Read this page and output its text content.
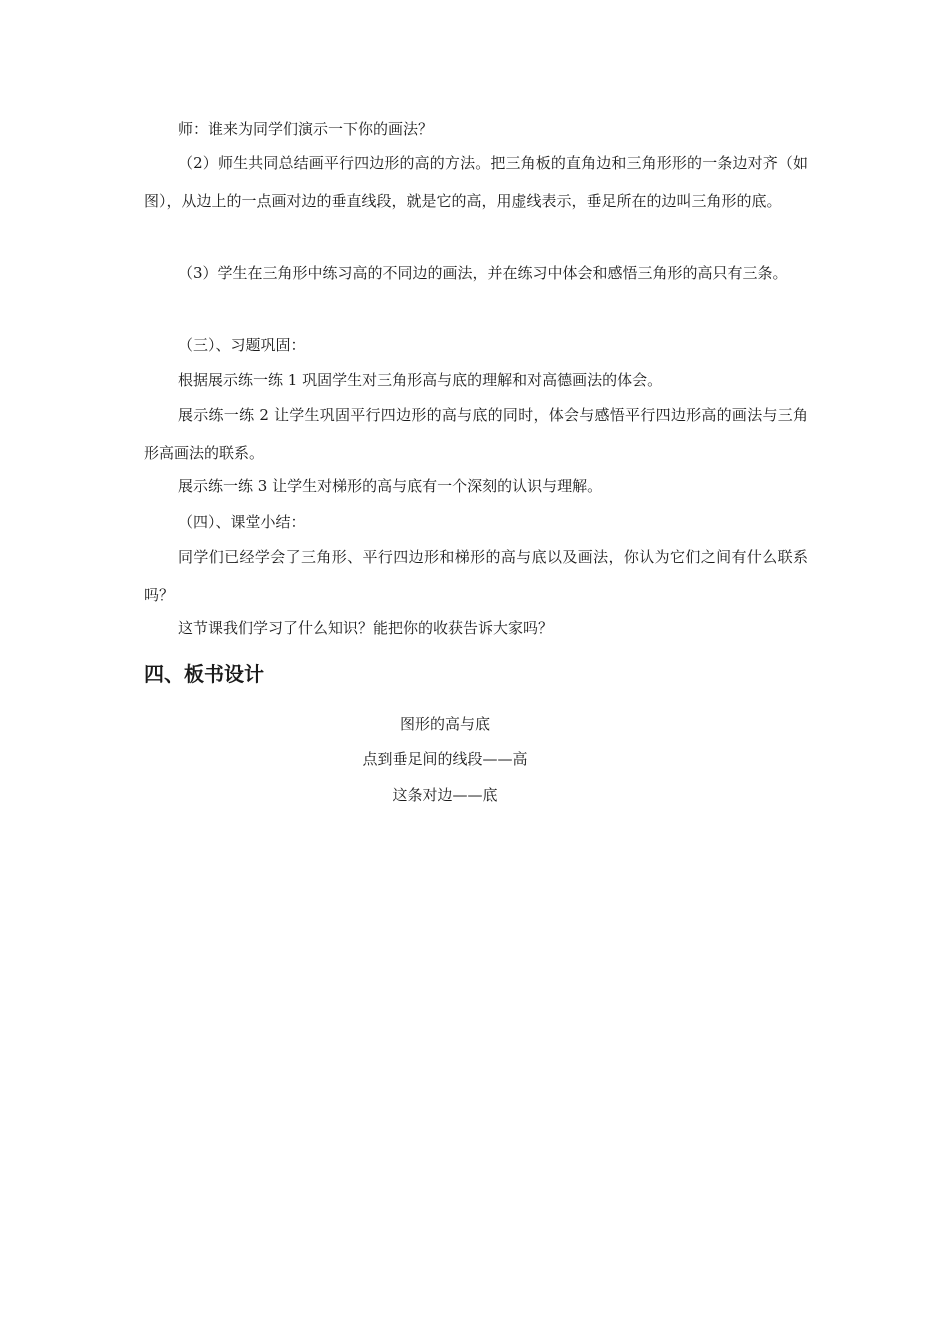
师：谁来为同学们演示一下你的画法？
（2）师生共同总结画平行四边形的高的方法。把三角板的直角边和三角形形的一条边对齐（如图），从边上的一点画对边的垂直线段，就是它的高，用虚线表示，垂足所在的边叫三角形的底。
（3）学生在三角形中练习高的不同边的画法，并在练习中体会和感悟三角形的高只有三条。
（三）、习题巩固：
根据展示练一练 1 巩固学生对三角形高与底的理解和对高德画法的体会。
展示练一练 2 让学生巩固平行四边形的高与底的同时，体会与感悟平行四边形高的画法与三角形高画法的联系。
展示练一练 3 让学生对梯形的高与底有一个深刻的认识与理解。
（四）、课堂小结：
同学们已经学会了三角形、平行四边形和梯形的高与底以及画法，你认为它们之间有什么联系吗？
这节课我们学习了什么知识？能把你的收获告诉大家吗？
四、板书设计
图形的高与底
点到垂足间的线段——高
这条对边——底
